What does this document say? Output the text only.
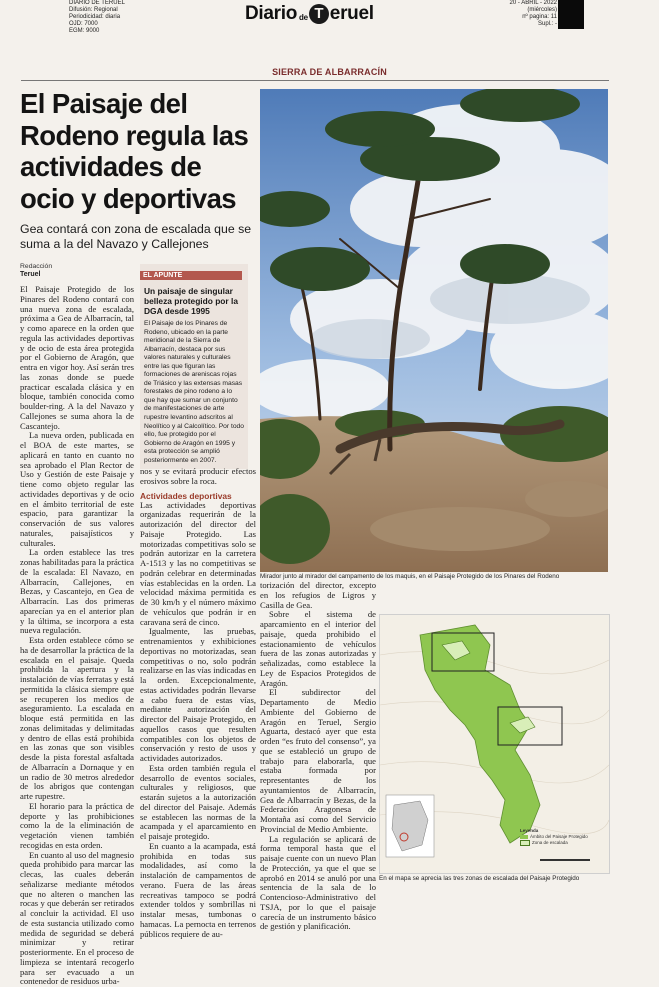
DIARIO DE TERUEL
Difusión: Regional
Periodicidad: diaria
OJD: 7000
EGM: 9000
Diario de T eruel	20 - ABRIL - 2022
(miércoles)
nº pagina: 11
Supl.: -
SIERRA DE ALBARRACÍN
El Paisaje del Rodeno regula las actividades de ocio y deportivas
Gea contará con zona de escalada que se suma a la del Navazo y Callejones
Redacción
Teruel

El Paisaje Protegido de los Pinares del Rodeno contará con una nueva zona de escalada, próxima a Gea de Albarracín, tal y como aparece en la orden que regula las actividades deportivas y de ocio de esta área protegida por el Gobierno de Aragón, que entra en vigor hoy. Así serán tres las zonas donde se puede practicar escalada clásica y en bloque, también conocida como boulder-ring. A la del Navazo y Callejones se suma ahora la de Cascantejo.

La nueva orden, publicada en el BOA de este martes, se aplicará en tanto en cuanto no sea aprobado el Plan Rector de Uso y Gestión de este Paisaje y tiene como objeto regular las actividades deportivas y de ocio en el ámbito territorial de este espacio, para garantizar la conservación de sus valores naturales, paisajísticos y culturales.

La orden establece las tres zonas habilitadas para la práctica de la escalada: El Navazo, en Albarracín, Callejones, en Bezas, y Cascantejo, en Gea de Albarracín. Las dos primeras aparecían ya en el anterior plan y la última, se incorpora a esta nueva regulación.

Esta orden establece cómo se ha de desarrollar la práctica de la escalada en el paisaje. Queda prohibida la apertura y la instalación de vías ferratas y está permitida la clásica siempre que se recuperen los medios de aseguramiento. La escalada en bloque está permitida en las zonas delimitadas y delimitadas y dentro de ellas está prohibida en las zonas que son visibles desde la pista forestal asfaltada de Albarracín a Dornaque y en un radio de 30 metros alrededor de los abrigos que contengan arte rupestre.

El horario para la práctica de deporte y las prohibiciones como la de la eliminación de vegetación vienen también recogidas en esta orden.

En cuanto al uso del magnesio queda prohibido para marcar las clecas, las cuales deberán señalizarse mediante métodos que no alteren o manchen las rocas y que deberán ser retirados al concluir la actividad. El uso de esta sustancia utilizado como medida de seguridad se deberá minimizar y retirar posteriormente. En el proceso de limpieza se intentará recogerlo para ser evacuado a un contenedor de residuos urba-

EL APUNTE
Un paisaje de singular belleza protegido por la DGA desde 1995
El Paisaje de los Pinares de Rodeno, ubicado en la parte meridional de la Sierra de Albarracín, destaca por sus valores naturales y culturales entre las que figuran las formaciones de areniscas rojas de Triásico y las extensas masas forestales de pino rodeno a lo que hay que sumar un conjunto de manifestaciones de arte rupestre levantino adscritos al Neolítico y al Calcolítico. Por todo ello, fue protegido por el Gobierno de Aragón en 1995 y esta protección se amplió posteriormente en 2007.

nos y se evitará producir efectos erosivos sobre la roca.

Actividades deportivas

Las actividades deportivas organizadas requerirán de la autorización del director del Paisaje Protegido. Las motorizadas competitivas solo se podrán autorizar en la carretera A-1513 y las no competitivas se podrán celebrar en determinadas vías establecidas en la orden. La velocidad máxima permitida es de 30 km/h y el número máximo de vehículos que podrán ir en caravana será de cinco.

Igualmente, las pruebas, entrenamientos y exhibiciones deportivas no motorizadas, sean competitivas o no, solo podrán realizarse en las vías indicadas en la orden. Excepcionalmente, estas actividades podrán llevarse a cabo fuera de estas vías, mediante autorización del director del Paisaje Protegido, en aquellos casos que resulten compatibles con los objetos de conservación y resto de usos y actividades autorizados.

Esta orden también regula el desarrollo de eventos sociales, culturales y religiosos, que estarán sujetos a la autorización del director del Paisaje. Además se establecen las normas de la acampada y el aparcamiento en el paisaje protegido.

En cuanto a la acampada, está prohibida en todas sus modalidades, así como la instalación de campamentos de verano. Fuera de las áreas recreativas tampoco se podrá extender toldos y sombrillas ni instalar mesas, tumbonas o hamacas. La pernocta en terrenos públicos requiere de au-

Mirador junto al mirador del campamento de los maquis, en el Paisaje Protegido de los Pinares del Rodeno

torización del director, excepto en los refugios de Ligros y Casilla de Gea.

Sobre el sistema de aparcamiento en el interior del paisaje, queda prohibido el estacionamiento de vehículos fuera de las zonas autorizadas y señalizadas, como establece la Ley de Espacios Protegidos de Aragón.

El subdirector del Departamento de Medio Ambiente del Gobierno de Aragón en Teruel, Sergio Aguarta, destacó ayer que esta orden “es fruto del consenso”, ya que se estableció un grupo de trabajo para elaborarla, que estaba formada por representantes de los ayuntamientos de Albarracín, Gea de Albarracín y Bezas, de la Federación Aragonesa de Montaña así como del Servicio Provincial de Medio Ambiente.

La regulación se aplicará de forma temporal hasta que el paisaje cuente con un nuevo Plan de Protección, ya que el que se aprobó en 2014 se anuló por una sentencia de la sala de lo Contencioso-Administrativo del TSJA, por lo que el paisaje carecía de un instrumento básico de gestión y planificación.

Leyenda
Ámbito del Paisaje Protegido
Zona de escalada
En el mapa se aprecia las tres zonas de escalada del Paisaje Protegido
